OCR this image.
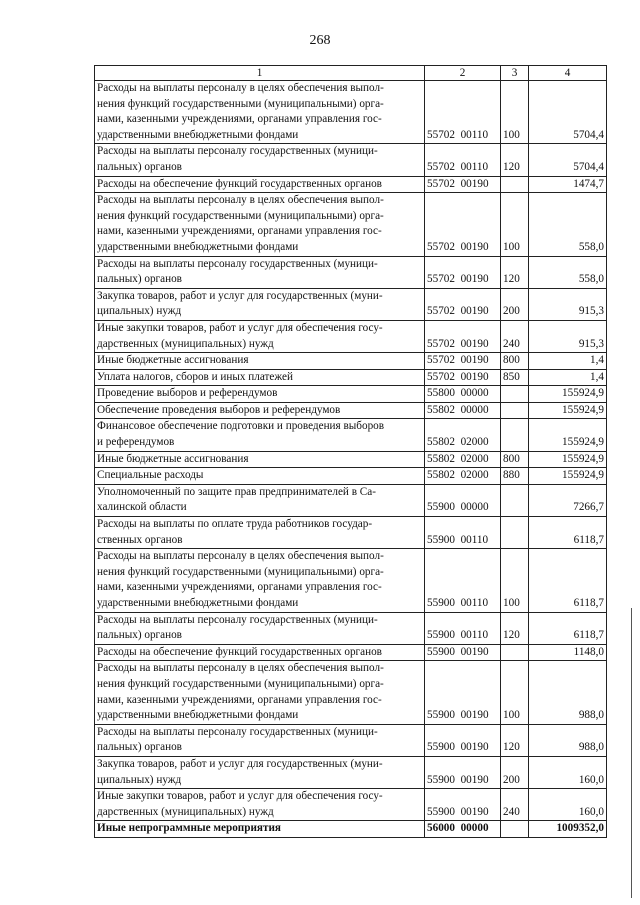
268
1	2	3	4
Расходы на выплаты персоналу в целях обеспечения выпол-
нения функций государственными (муниципальными) орга-
нами, казенными учреждениями, органами управления гос-
ударственными внебюджетными фондами	55702  00110	100	5704,4
Расходы на выплаты персоналу государственных (муници-
пальных) органов	55702  00110	120	5704,4
Расходы на обеспечение функций государственных органов	55702  00190		1474,7
Расходы на выплаты персоналу в целях обеспечения выпол-
нения функций государственными (муниципальными) орга-
нами, казенными учреждениями, органами управления гос-
ударственными внебюджетными фондами	55702  00190	100	558,0
Расходы на выплаты персоналу государственных (муници-
пальных) органов	55702  00190	120	558,0
Закупка товаров, работ и услуг для государственных (муни-
ципальных) нужд	55702  00190	200	915,3
Иные закупки товаров, работ и услуг для обеспечения госу-
дарственных (муниципальных) нужд	55702  00190	240	915,3
Иные бюджетные ассигнования	55702  00190	800	1,4
Уплата налогов, сборов и иных платежей	55702  00190	850	1,4
Проведение выборов и референдумов	55800  00000		155924,9
Обеспечение проведения выборов и референдумов	55802  00000		155924,9
Финансовое обеспечение подготовки и проведения выборов
и референдумов	55802  02000		155924,9
Иные бюджетные ассигнования	55802  02000	800	155924,9
Специальные расходы	55802  02000	880	155924,9
Уполномоченный по защите прав предпринимателей в Са-
халинской области	55900  00000		7266,7
Расходы на выплаты по оплате труда работников государ-
ственных органов	55900  00110		6118,7
Расходы на выплаты персоналу в целях обеспечения выпол-
нения функций государственными (муниципальными) орга-
нами, казенными учреждениями, органами управления гос-
ударственными внебюджетными фондами	55900  00110	100	6118,7
Расходы на выплаты персоналу государственных (муници-
пальных) органов	55900  00110	120	6118,7
Расходы на обеспечение функций государственных органов	55900  00190		1148,0
Расходы на выплаты персоналу в целях обеспечения выпол-
нения функций государственными (муниципальными) орга-
нами, казенными учреждениями, органами управления гос-
ударственными внебюджетными фондами	55900  00190	100	988,0
Расходы на выплаты персоналу государственных (муници-
пальных) органов	55900  00190	120	988,0
Закупка товаров, работ и услуг для государственных (муни-
ципальных) нужд	55900  00190	200	160,0
Иные закупки товаров, работ и услуг для обеспечения госу-
дарственных (муниципальных) нужд	55900  00190	240	160,0
Иные непрограммные мероприятия	56000  00000		1009352,0
